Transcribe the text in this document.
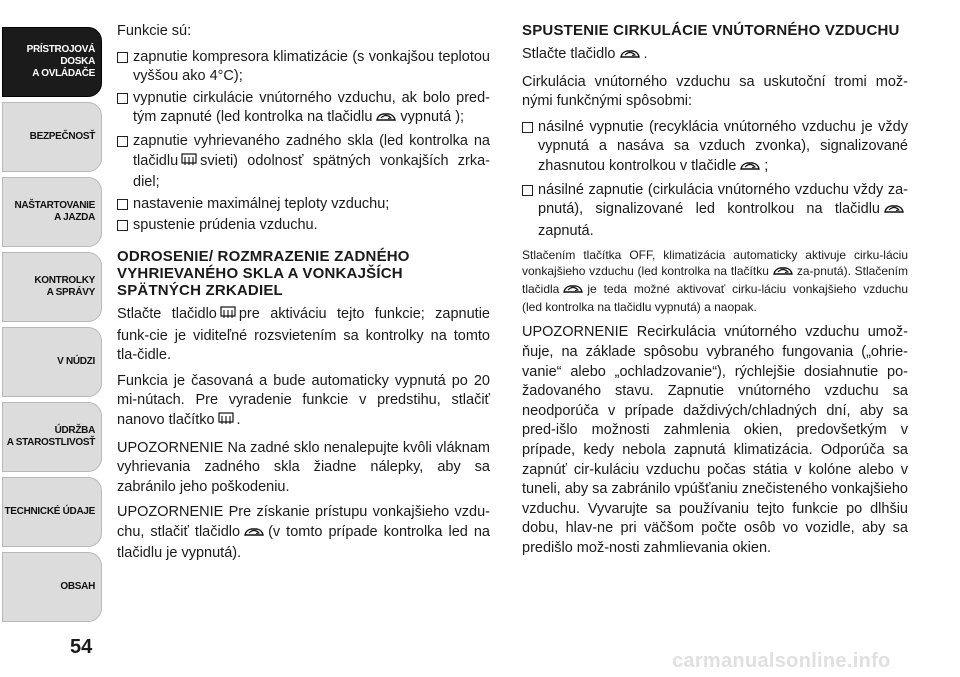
PRÍSTROJOVÁ
DOSKA
A OVLÁDAČE
BEZPEČNOSŤ
NAŠTARTOVANIE
A JAZDA
KONTROLKY
A SPRÁVY
V NÚDZI
ÚDRŽBA
A STAROSTLIVOSŤ
TECHNICKÉ ÚDAJE
OBSAH
54

Funkcie sú:

zapnutie kompresora klimatizácie (s vonkajšou teplotou vyššou ako 4°C);
vypnutie cirkulácie vnútorného vzduchu, ak bolo pred-tým zapnuté (led kontrolka na tlačidlu vypnutá );
zapnutie vyhrievaného zadného skla (led kontrolka na tlačidlu svieti) odolnosť spätných vonkajších zrka-diel;
nastavenie maximálnej teploty vzduchu;
spustenie prúdenia vzduchu.
ODROSENIE/ ROZMRAZENIE ZADNÉHO VYHRIEVANÉHO SKLA A VONKAJŠÍCH SPÄTNÝCH ZRKADIEL

Stlačte tlačidlo pre aktiváciu tejto funkcie; zapnutie funk-cie je viditeľné rozsvietením sa kontrolky na tomto tla-čidle.

Funkcia je časovaná a bude automaticky vypnutá po 20 mi-nútach. Pre vyradenie funkcie v predstihu, stlačiť nanovo tlačítko .

UPOZORNENIE Na zadné sklo nenalepujte kvôli vláknam vyhrievania zadného skla žiadne nálepky, aby sa zabránilo jeho poškodeniu.

UPOZORNENIE Pre získanie prístupu vonkajšieho vzdu-chu, stlačiť tlačidlo (v tomto prípade kontrolka led na tlačidlu je vypnutá).

SPUSTENIE CIRKULÁCIE VNÚTORNÉHO VZDUCHU

Stlačte tlačidlo .

Cirkulácia vnútorného vzduchu sa uskutoční tromi mož-nými funkčnými spôsobmi:

násilné vypnutie (recyklácia vnútorného vzduchu je vždy vypnutá a nasáva sa vzduch zvonka), signalizované zhasnutou kontrolkou v tlačidle ;
násilné zapnutie (cirkulácia vnútorného vzduchu vždy za-pnutá), signalizované led kontrolkou na tlačidlu zapnutá.

Stlačením tlačítka OFF, klimatizácia automaticky aktivuje cirku-láciu vonkajšieho vzduchu (led kontrolka na tlačítku za-pnutá). Stlačením tlačidla je teda možné aktivovať cirku-láciu vonkajšieho vzduchu (led kontrolka na tlačidlu vypnutá) a naopak.

UPOZORNENIE Recirkulácia vnútorného vzduchu umož-ňuje, na základe spôsobu vybraného fungovania („ohrie-vanie“ alebo „ochladzovanie“), rýchlejšie dosiahnutie po-žadovaného stavu. Zapnutie vnútorného vzduchu sa neodporúča v prípade daždivých/chladných dní, aby sa pred-išlo možnosti zahmlenia okien, predovšetkým v prípade, kedy nebola zapnutá klimatizácia. Odporúča sa zapnúť cir-kuláciu vzduchu počas státia v kolóne alebo v tuneli, aby sa zabránilo vpúšťaniu znečisteného vonkajšieho vzduchu. Vyvarujte sa používaniu tejto funkcie po dlhšiu dobu, hlav-ne pri väčšom počte osôb vo vozidle, aby sa predišlo mož-nosti zahmlievania okien.

carmanualsonline.info
